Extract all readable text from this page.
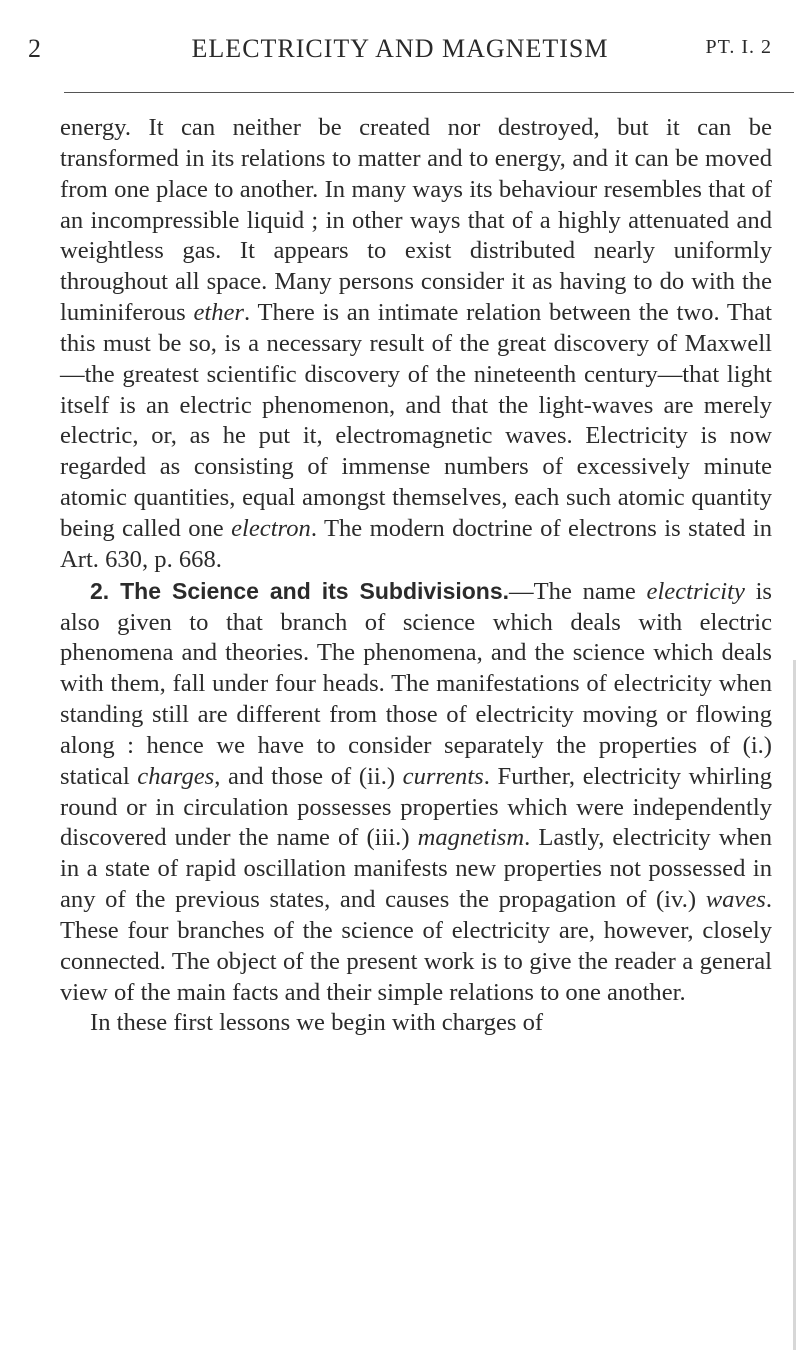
2	ELECTRICITY AND MAGNETISM	PT. I. 2

energy. It can neither be created nor destroyed, but it can be transformed in its relations to matter and to energy, and it can be moved from one place to another. In many ways its behaviour resembles that of an incompressible liquid ; in other ways that of a highly attenuated and weightless gas. It appears to exist distributed nearly uniformly throughout all space. Many persons consider it as having to do with the luminiferous ether. There is an intimate relation between the two. That this must be so, is a necessary result of the great discovery of Maxwell —the greatest scientific discovery of the nineteenth century—that light itself is an electric phenomenon, and that the light-waves are merely electric, or, as he put it, electromagnetic waves. Electricity is now regarded as consisting of immense numbers of excessively minute atomic quantities, equal amongst themselves, each such atomic quantity being called one electron. The modern doctrine of electrons is stated in Art. 630, p. 668.

2. The Science and its Subdivisions.—The name electricity is also given to that branch of science which deals with electric phenomena and theories. The phenomena, and the science which deals with them, fall under four heads. The manifestations of electricity when standing still are different from those of electricity moving or flowing along : hence we have to consider separately the properties of (i.) statical charges, and those of (ii.) currents. Further, electricity whirling round or in circulation possesses properties which were independently discovered under the name of (iii.) magnetism. Lastly, electricity when in a state of rapid oscillation manifests new properties not possessed in any of the previous states, and causes the propagation of (iv.) waves. These four branches of the science of electricity are, however, closely connected. The object of the present work is to give the reader a general view of the main facts and their simple relations to one another.

In these first lessons we begin with charges of
